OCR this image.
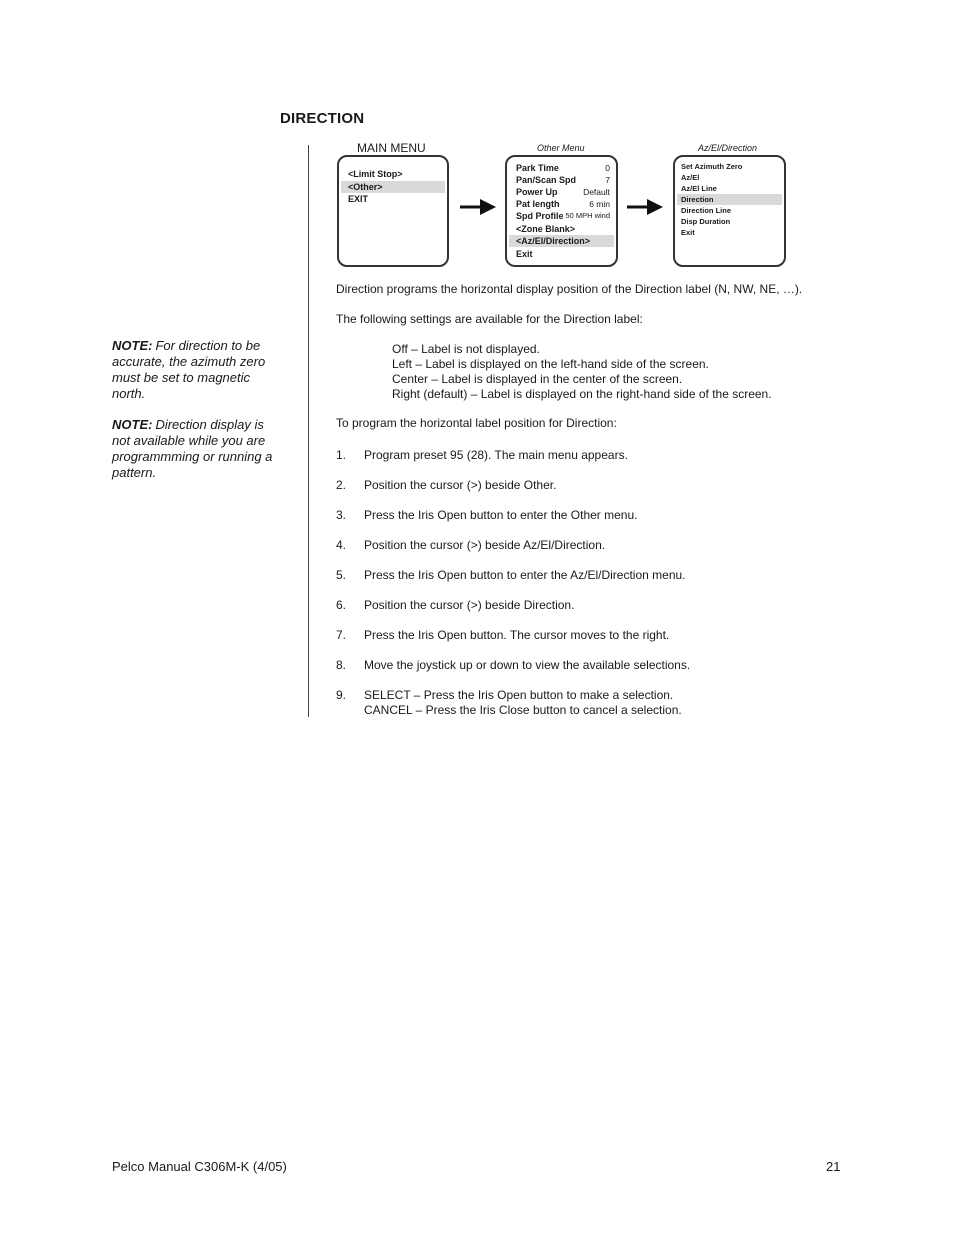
DIRECTION
NOTE: For direction to be accurate, the azimuth zero must be set to magnetic north.
NOTE: Direction display is not available while you are programmming or running a pattern.
MAIN MENU
<Limit Stop>
<Other>
EXIT
Other Menu
Park Time	0
Pan/Scan Spd	7
Power Up	Default
Pat length	6 min
Spd Profile 50 MPH wind
<Zone Blank>
<Az/El/Direction>
Exit
Az/El/Direction
Set Azimuth Zero
Az/El
Az/El Line
Direction
Direction Line
Disp Duration
Exit
Direction programs the horizontal display position of the Direction label (N, NW, NE, …).
The following settings are available for the Direction label:
Off – Label is not displayed.
Left – Label is displayed on the left-hand side of the screen.
Center – Label is displayed in the center of the screen.
Right (default) – Label is displayed on the right-hand side of the screen.
To program the horizontal label position for Direction:
1. Program preset 95 (28). The main menu appears.
2. Position the cursor (>) beside Other.
3. Press the Iris Open button to enter the Other menu.
4. Position the cursor (>) beside Az/El/Direction.
5. Press the Iris Open button to enter the Az/El/Direction menu.
6. Position the cursor (>) beside Direction.
7. Press the Iris Open button. The cursor moves to the right.
8. Move the joystick up or down to view the available selections.
9. SELECT – Press the Iris Open button to make a selection.
CANCEL – Press the Iris Close button to cancel a selection.
Pelco Manual C306M-K (4/05)	21
